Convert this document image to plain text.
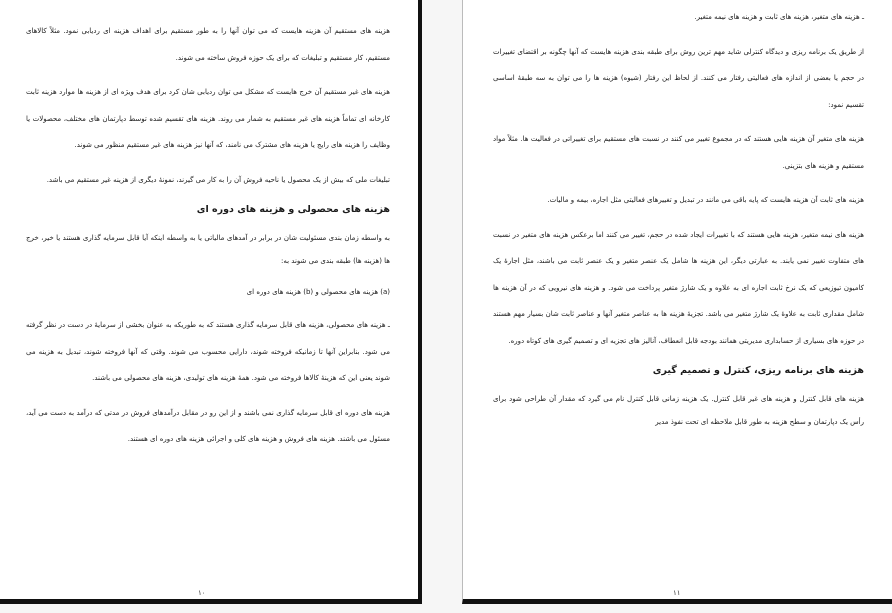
هزینه های مستقیم آن هزینه هایست که می توان آنها را به طور مستقیم برای اهداف هزینه ای ردیابی نمود. مثلاً کالاهای مستقیم، کار مستقیم و تبلیغات که برای یک حوزه فروش ساخته می شوند.

هزینه های غیر مستقیم آن خرج هایست که مشکل می توان ردیابی شان کرد برای هدف ویژه ای از هزینه ها موارد هزینه ثابت کارخانه ای تماماً هزینه های غیر مستقیم به شمار می روند. هزینه های تقسیم شده توسط دپارتمان های مختلف، محصولات یا وظایف را هزینه های رایج یا هزینه های مشترک می نامند، که آنها نیز هزینه های غیر مستقیم منظور می شوند.

تبلیغات ملی که بیش از یک محصول یا ناحیه فروش آن را به کار می گیرند، نمونهٔ دیگری از هزینه غیر مستقیم می باشد.

هزینه های محصولی و هزینه های دوره ای

به واسطه زمان بندی مسئولیت شان در برابر در آمدهای مالیاتی یا به واسطه اینکه آیا قابل سرمایه گذاری هستند یا خیر، خرج ها (هزینه ها) طبقه بندی می شوند به:

(a) هزینه های محصولی و (b) هزینه های دوره ای

ـ هزینه های محصولی، هزینه های قابل سرمایه گذاری هستند که به طوریکه به عنوان بخشی از سرمایهٔ در دست در نظر گرفته می شود. بنابراین آنها تا زمانیکه فروخته شوند، دارایی محسوب می شوند. وقتی که آنها فروخته شوند، تبدیل به هزینه می شوند یعنی این که هزینهٔ کالاها فروخته می شود. همهٔ هزینه های تولیدی، هزینه های محصولی می باشند.

هزینه های دوره ای قابل سرمایه گذاری نمی باشند و از این رو در مقابل درآمدهای فروش در مدتی که درآمد به دست می آید، مسئول می باشند. هزینه های فروش و هزینه های کلی و اجرائی هزینه های دوره ای هستند.

۱۰

ـ هزینه های متغیر، هزینه های ثابت و هزینه های نیمه متغیر.

از طریق یک برنامه ریزی و دیدگاه کنترلی شاید مهم ترین روش برای طبقه بندی هزینه هایست که آنها چگونه بر اقتضای تغییرات در حجم یا بعضی از اندازه های فعالیتی رفتار می کنند. از لحاظ این رفتار (شیوه) هزینه ها را می توان به سه طبقهٔ اساسی تقسیم نمود:

هزینه های متغیر آن هزینه هایی هستند که در مجموع تغییر می کنند در نسبت های مستقیم برای تغییراتی در فعالیت ها. مثلاً مواد مستقیم و هزینه های بتزینی.

هزینه های ثابت آن هزینه هایست که پایه باقی می مانند در تبدیل و تغییرهای فعالیتی مثل اجاره، بیمه و مالیات.

هزینه های نیمه متغیر، هزینه هایی هستند که با تغییرات ایجاد شده در حجم، تغییر می کنند اما برعکس هزینه های متغیر در نسبت های متفاوت تغییر نمی یابند. به عبارتی دیگر، این هزینه ها شامل یک عنصر متغیر و یک عنصر ثابت می باشند، مثل اجارهٔ یک کامیون تیوزیعی که یک نرخ ثابت اجاره ای به علاوه و یک شارژ متغیر پرداخت می شود. و هزینه های نیرویی که در آن هزینه ها شامل مقداری ثابت به علاوهٔ یک شارژ متغیر می باشد. تجزیهٔ هزینه ها به عناصر متغیر آنها و عناصر ثابت شان بسیار مهم هستند در حوزه های بسیاری از حسابداری مدیریتی همانند بودجه قابل انعطاف، آنالیز های تجزیه ای و تصمیم گیری های کوتاه دوره.

هزینه های برنامه ریزی، کنترل و تصمیم گیری

هزینه های قابل کنترل و هزینه های غیر قابل کنترل. یک هزینه زمانی قابل کنترل نام می گیرد که مقدار آن طراحی شود برای رأس یک دپارتمان و سطح هزینه به طور قابل ملاحظه ای تحت نفوذ مدیر

۱۱
